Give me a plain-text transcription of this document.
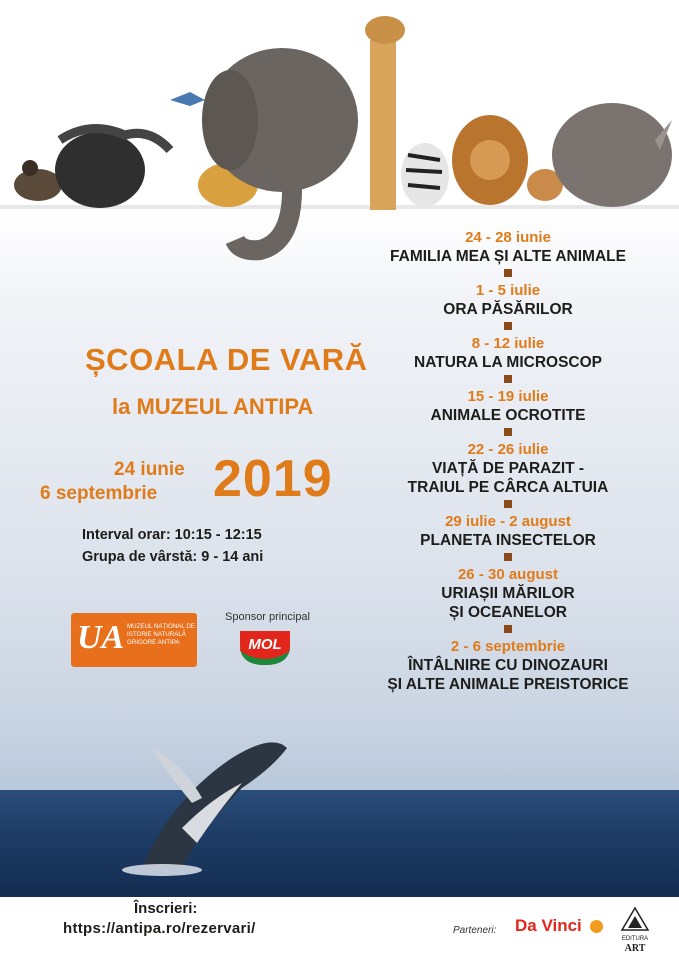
ȘCOALA DE VARĂ
la MUZEUL ANTIPA
24 iunie
6 septembrie 2019
Interval orar: 10:15 - 12:15
Grupa de vârstă: 9 - 14 ani
UA MUZEUL NAȚIONAL DE
ISTORIE NATURALĂ
GRIGORE ANTIPA
Sponsor principal
MOL
24 - 28 iunie
FAMILIA MEA ȘI ALTE ANIMALE
1 - 5 iulie
ORA PĂSĂRILOR
8 - 12 iulie
NATURA LA MICROSCOP
15 - 19 iulie
ANIMALE OCROTITE
22 - 26 iulie
VIAȚĂ DE PARAZIT -
TRAIUL PE CÂRCA ALTUIA
29 iulie - 2 august
PLANETA INSECTELOR
26 - 30 august
URIAȘII MĂRILOR
ȘI OCEANELOR
2 - 6 septembrie
ÎNTÂLNIRE CU DINOZAURI
ȘI ALTE ANIMALE PREISTORICE
Înscrieri:
https://antipa.ro/rezervari/	Parteneri: Da Vinci
EDITURA
ART
